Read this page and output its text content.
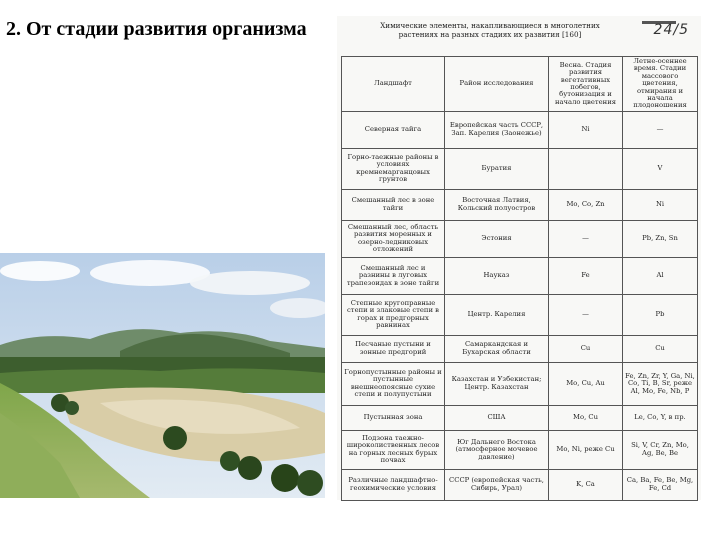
2. От стадии развития организма	Химические элементы, накапливающиеся в многолетних растениях на разных стадиях их развития [160]	24/5
Ландшафт	Район исследования	Весна. Стадия развития вегетативных побегов, бутонизация и начало цветения	Летне-осеннее время. Стадии массового цветения, отмирания и начала плодоношения
Северная тайга	Европейская часть СССР, Зап. Карелия (Заонежье)	Ni	—
Горно-таежные районы в условиях кремнемарганцовых грунтов	Буратия		V
Смешанный лес в зоне тайги	Восточная Латвия, Кольский полуостров	Mo, Co, Zn	Ni
Смешанный лес, область развития моренных и озерно-ледниковых отложений	Эстония	—	Pb, Zn, Sn
Смешанный лес и разнины в луговых трапезоидах в зоне тайги	Науказ	Fe	Al
Степные кругоправные степи и злаковые степи в горах и предгорных равнинах	Центр. Карелия	—	Pb
Песчаные пустыни и зонные предгорий	Самаркандская и Бухарская области	Cu	Cu
Горнопустынные районы и пустынные внешнеопоясные сухие степи и полупустыни	Казахстан и Узбекистан; Центр. Казахстан	Mo, Cu, Au	Fe, Zn, Zr, Y, Ga, Ni, Co, Ti, B, Sr, реже Al, Mo, Fe, Nb, P
Пустынная зона	США	Mo, Cu	Le, Co, Y, в пр.
Подзона таежно-широколиственных лесов на горных лесных бурых почвах	Юг Дальнего Востока (атмосферное мочевое давление)	Mo, Ni, реже Cu	Si, V, Cr, Zn, Mo, Ag, Be, Be
Различные ландшафтно-геохимические условия	СССР (европейская часть, Сибирь, Урал)	K, Ca	Ca, Ba, Fe, Be, Mg, Fe, Cd
